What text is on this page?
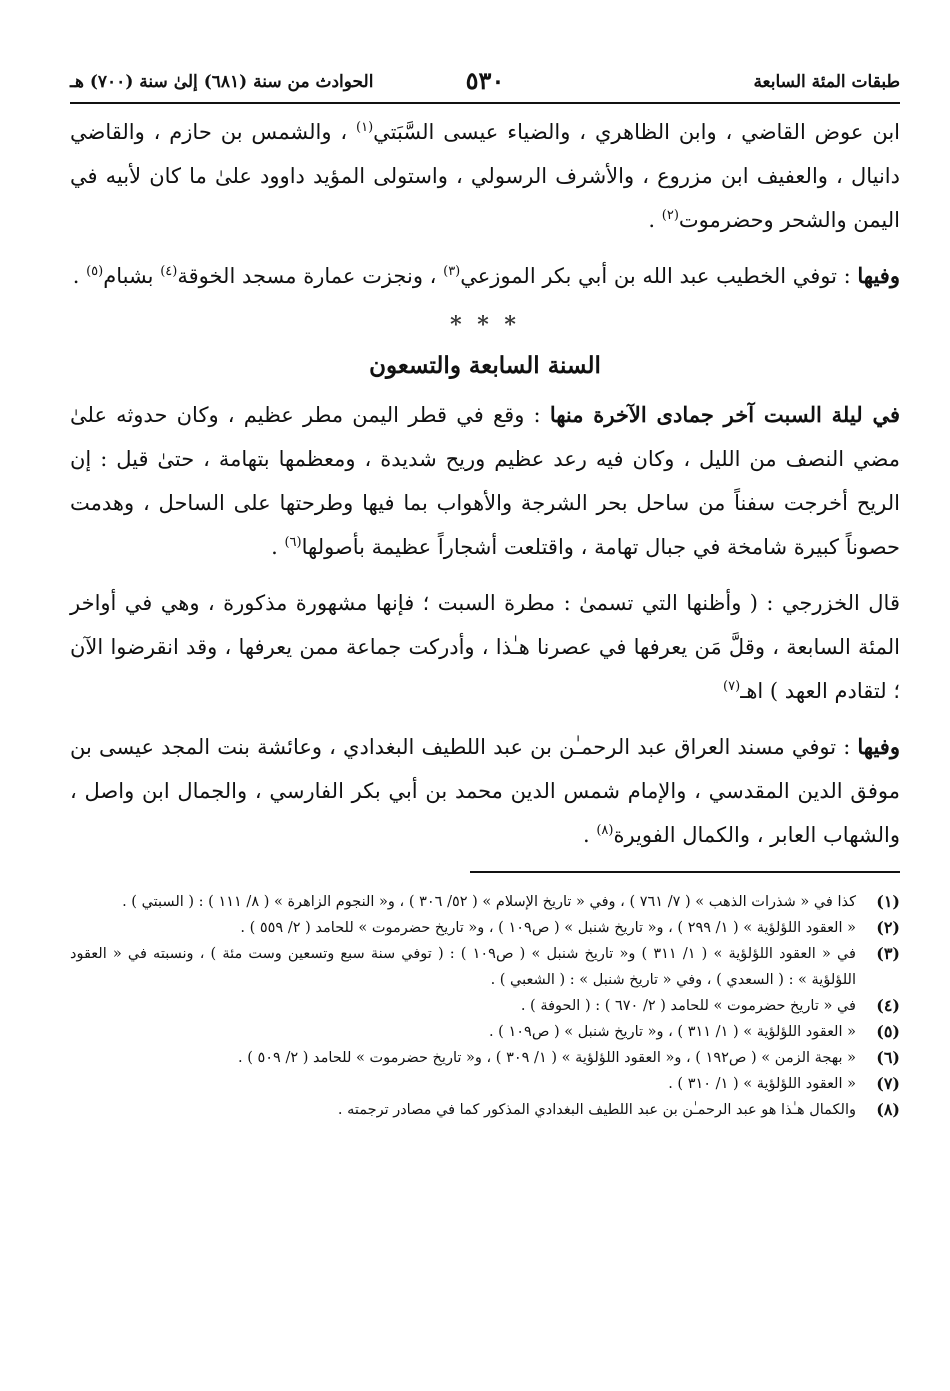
طبقات المئة السابعة
٥٣٠
الحوادث من سنة (٦٨١) إلىٰ سنة (٧٠٠) هـ

ابن عوض القاضي ، وابن الظاهري ، والضياء عيسى السَّبَتي$^{(١)}$ ، والشمس بن حازم ، والقاضي دانيال ، والعفيف ابن مزروع ، والأشرف الرسولي ، واستولى المؤيد داوود علىٰ ما كان لأبيه في اليمن والشحر وحضرموت$^{(٢)}$ .

وفيها : توفي الخطيب عبد الله بن أبي بكر الموزعي$^{(٣)}$ ، ونجزت عمارة مسجد الخوقة$^{(٤)}$ بشبام$^{(٥)}$ .

* * *
السنة السابعة والتسعون

في ليلة السبت آخر جمادى الآخرة منها : وقع في قطر اليمن مطر عظيم ، وكان حدوثه علىٰ مضي النصف من الليل ، وكان فيه رعد عظيم وريح شديدة ، ومعظمها بتهامة ، حتىٰ قيل : إن الريح أخرجت سفناً من ساحل بحر الشرجة والأهواب بما فيها وطرحتها على الساحل ، وهدمت حصوناً كبيرة شامخة في جبال تهامة ، واقتلعت أشجاراً عظيمة بأصولها$^{(٦)}$ .

قال الخزرجي : ( وأظنها التي تسمىٰ : مطرة السبت ؛ فإنها مشهورة مذكورة ، وهي في أواخر المئة السابعة ، وقلَّ مَن يعرفها في عصرنا هـٰذا ، وأدركت جماعة ممن يعرفها ، وقد انقرضوا الآن ؛ لتقادم العهد ) اهـ$^{(٧)}$

وفيها : توفي مسند العراق عبد الرحمـٰن بن عبد اللطيف البغدادي ، وعائشة بنت المجد عيسى بن موفق الدين المقدسي ، والإمام شمس الدين محمد بن أبي بكر الفارسي ، والجمال ابن واصل ، والشهاب العابر ، والكمال الفويرة$^{(٨)}$ .

(١)
كذا في « شذرات الذهب » ( ٧/ ٧٦١ ) ، وفي « تاريخ الإسلام » ( ٥٢/ ٣٠٦ ) ، و« النجوم الزاهرة » ( ٨/ ١١١ ) : ( السبتي ) .
(٢)
« العقود اللؤلؤية » ( ١/ ٢٩٩ ) ، و« تاريخ شنبل » ( ص١٠٩ ) ، و« تاريخ حضرموت » للحامد ( ٢/ ٥٥٩ ) .
(٣)
في « العقود اللؤلؤية » ( ١/ ٣١١ ) و« تاريخ شنبل » ( ص١٠٩ ) : ( توفي سنة سبع وتسعين وست مئة ) ، ونسبته في « العقود اللؤلؤية » : ( السعدي ) ، وفي « تاريخ شنبل » : ( الشعبي ) .
(٤)
في « تاريخ حضرموت » للحامد ( ٢/ ٦٧٠ ) : ( الحوفة ) .
(٥)
« العقود اللؤلؤية » ( ١/ ٣١١ ) ، و« تاريخ شنبل » ( ص١٠٩ ) .
(٦)
« بهجة الزمن » ( ص١٩٢ ) ، و« العقود اللؤلؤية » ( ١/ ٣٠٩ ) ، و« تاريخ حضرموت » للحامد ( ٢/ ٥٠٩ ) .
(٧)
« العقود اللؤلؤية » ( ١/ ٣١٠ ) .
(٨)
والكمال هـٰذا هو عبد الرحمـٰن بن عبد اللطيف البغدادي المذكور كما في مصادر ترجمته .
